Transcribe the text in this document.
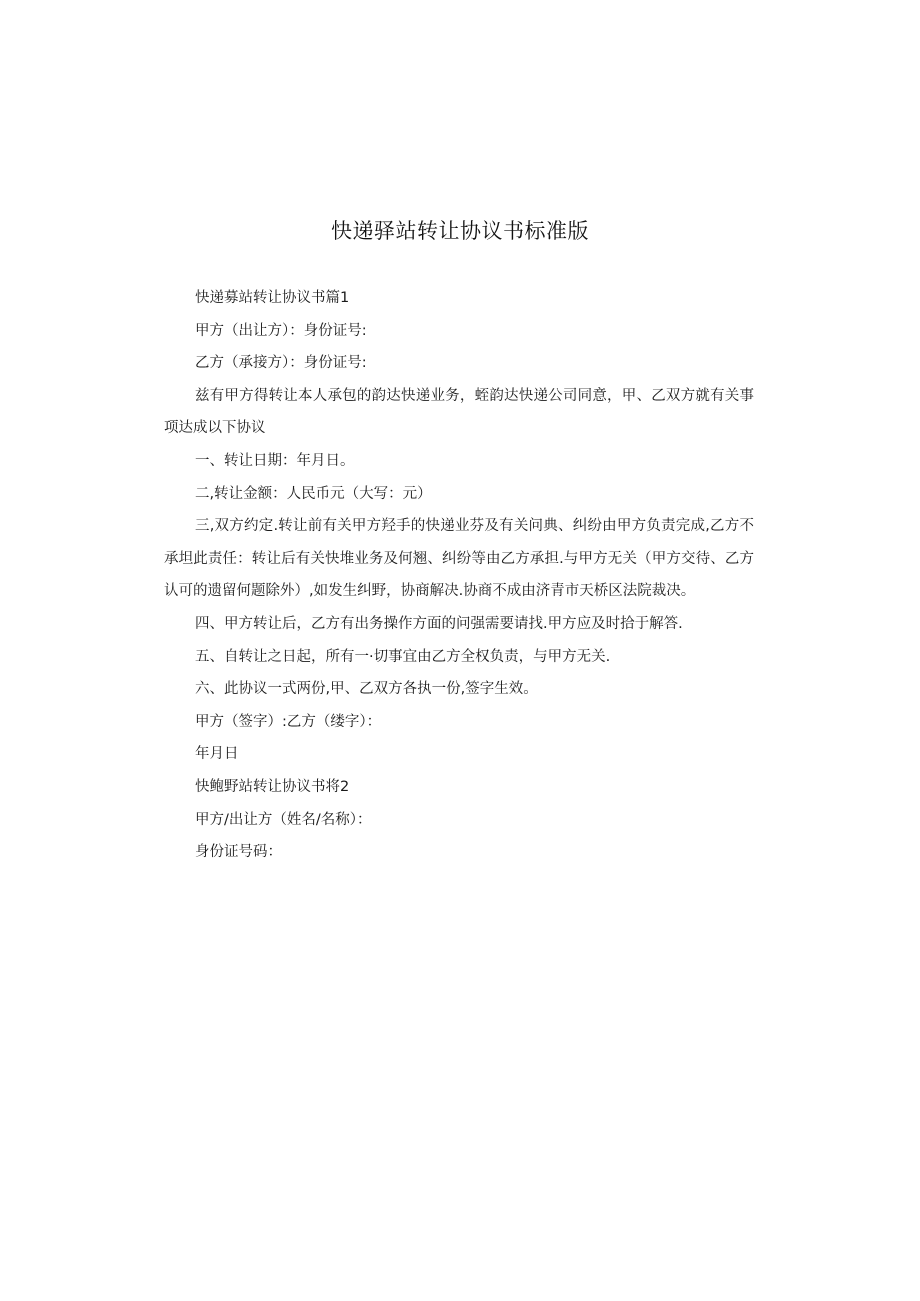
快递驿站转让协议书标准版

快递募站转让协议书篇1

甲方（出让方）：身份证号:

乙方（承接方）：身份证号:

兹有甲方得转让本人承包的韵达快递业务，蛭韵达快递公司同意，甲、乙双方就有关事项达成以下协议

一、转让日期：年月日。

二,转让金额：人民币元（大写：元）

三,双方约定.转让前有关甲方羟手的快递业芬及有关问典、纠纷由甲方负责完成,乙方不承坦此责任：转让后有关快堆业务及何翘、纠纷等由乙方承担.与甲方无关（甲方交待、乙方认可的遗留何题除外）,如发生纠野，协商解决.协商不成由济青市天桥区法院裁决。

四、甲方转让后，乙方有出务操作方面的问强需要请找.甲方应及时拾于解答.

五、自转让之日起，所有一·切事宜由乙方全权负责，与甲方无关.

六、此协议一式两份,甲、乙双方各执一份,签字生效。

甲方（签字）:乙方（缕字）：

年月日

快鲍野站转让协议书将2

甲方/出让方（姓名/名称）：

身份证号码：
